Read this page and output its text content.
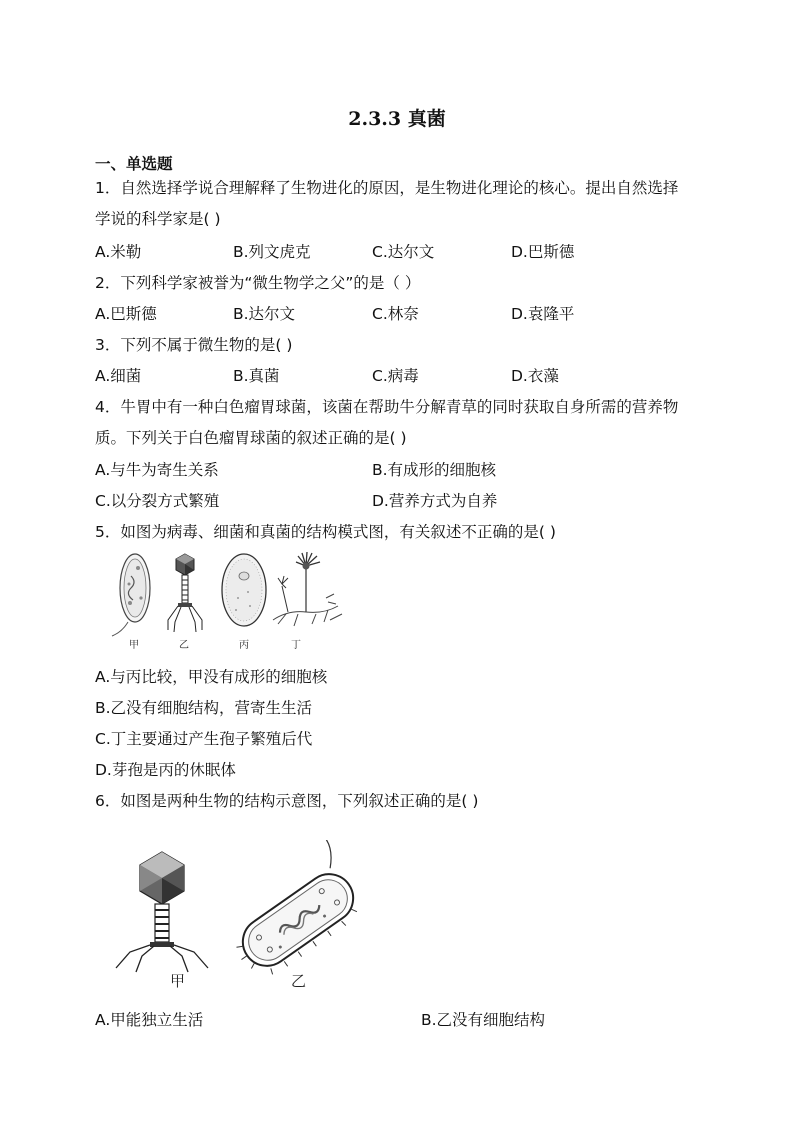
2.3.3 真菌
一、单选题
1．自然选择学说合理解释了生物进化的原因，是生物进化理论的核心。提出自然选择
学说的科学家是( )
A.米勒	B.列文虎克	C.达尔文	D.巴斯德
2．下列科学家被誉为“微生物学之父”的是（ ）
A.巴斯德	B.达尔文	C.林奈	D.袁隆平
3．下列不属于微生物的是( )
A.细菌	B.真菌	C.病毒	D.衣藻
4．牛胃中有一种白色瘤胃球菌，该菌在帮助牛分解青草的同时获取自身所需的营养物
质。下列关于白色瘤胃球菌的叙述正确的是( )
A.与牛为寄生关系	B.有成形的细胞核
C.以分裂方式繁殖	D.营养方式为自养
5．如图为病毒、细菌和真菌的结构模式图，有关叙述不正确的是( )
甲	乙	丙	丁
A.与丙比较，甲没有成形的细胞核
B.乙没有细胞结构，营寄生生活
C.丁主要通过产生孢子繁殖后代
D.芽孢是丙的休眠体
6．如图是两种生物的结构示意图，下列叙述正确的是( )
甲	乙
A.甲能独立生活	B.乙没有细胞结构
